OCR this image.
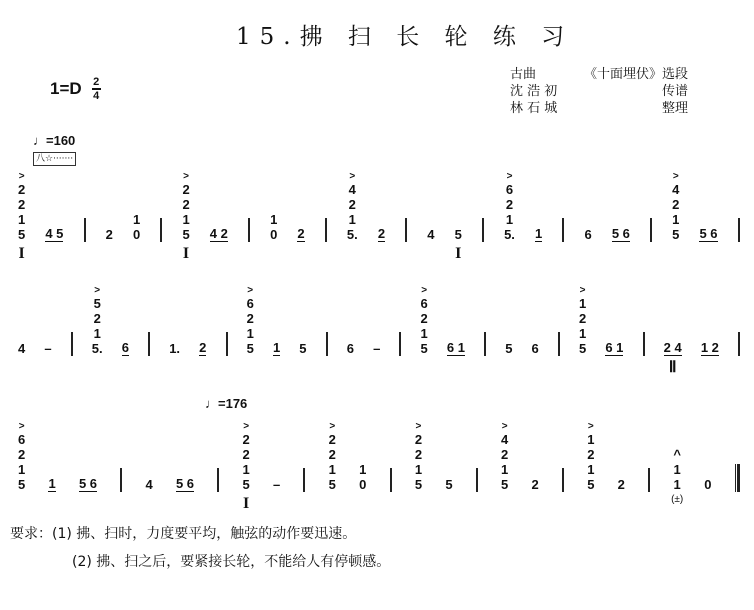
15.拂 扫 长 轮 练 习
$1=D \frac{2}{4}$
古曲	《十面埋伏》选段
沈 浩 初	传谱
林 石 城	整理
♩=160
八☆·······
♩=176
>
2
2
1
5
I
4 5	2
1
0
>
2
2
1
5
I
4 2
1
0 2
>
4
2
1
5. 2	4 5
I
>
6
2
1
5. 1	6 5 6
>
4
2
1
5 5 6
4 –
>
5
2
1
5. 6	1. 2
>
6
2
1
5 1 5	6 –
>
6
2
1
5 6 1	5 6
>
1
2
1
5 6 1	2 4
Ⅱ
1 2
>
6
2
1
5 1 5 6	4 5 6
>
2
2
1
5
I
–
>
2
2
1
5
1
0
>
2
2
1
5 5
>
4
2
1
5 2
>
1
2
1
5 2
^
1
1
(±)
0
要求：(1) 拂、扫时，力度要平均，触弦的动作要迅速。
(2) 拂、扫之后，要紧接长轮，不能给人有停顿感。
